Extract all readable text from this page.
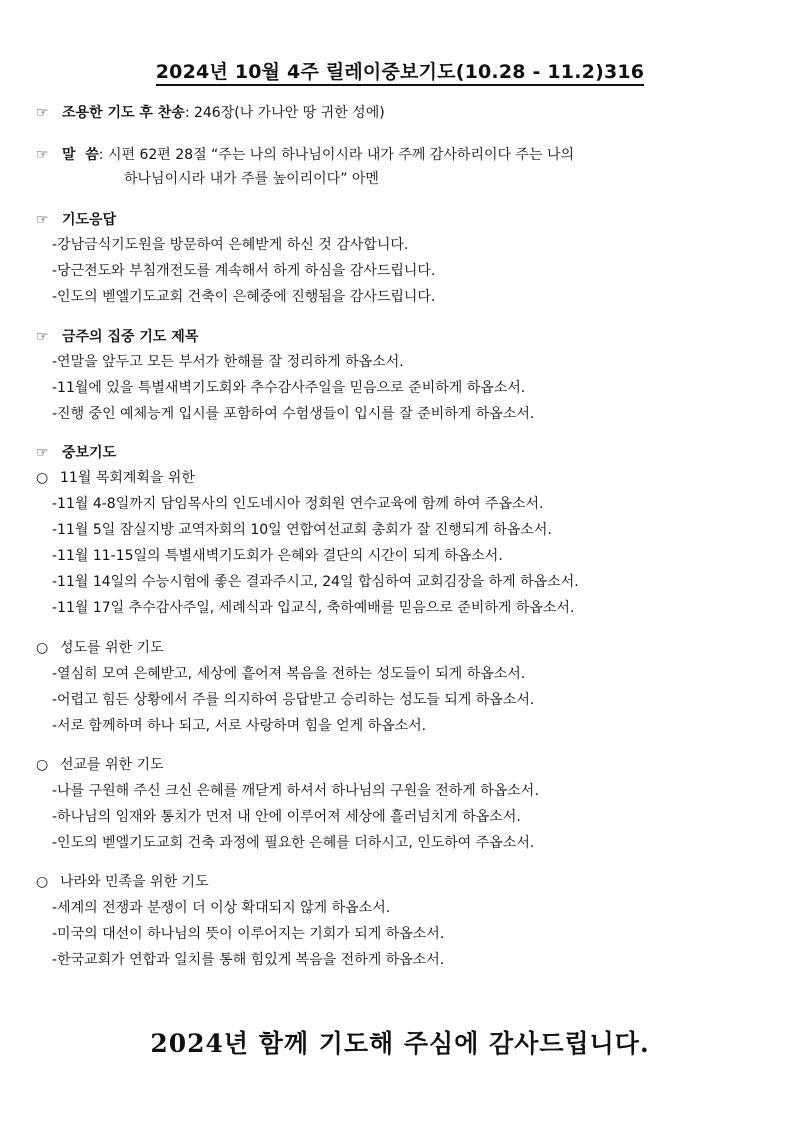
2024년 10월 4주 릴레이중보기도(10.28 - 11.2)316
☞ 조용한 기도 후 찬송: 246장(나 가나안 땅 귀한 성에)
☞ 말  씀: 시편 62편 28절 “주는 나의 하나님이시라 내가 주께 감사하리이다 주는 나의
하나님이시라 내가 주를 높이리이다” 아멘
☞ 기도응답
-강남금식기도원을 방문하여 은혜받게 하신 것 감사합니다.
-당근전도와 부침개전도를 계속해서 하게 하심을 감사드립니다.
-인도의 벧엘기도교회 건축이 은혜중에 진행됨을 감사드립니다.
☞ 금주의 집중 기도 제목
-연말을 앞두고 모든 부서가 한해를 잘 정리하게 하옵소서.
-11월에 있을 특별새벽기도회와 추수감사주일을 믿음으로 준비하게 하옵소서.
-진행 중인 예체능게 입시를 포함하여 수험생들이 입시를 잘 준비하게 하옵소서.
☞ 중보기도
○ 11월 목회계획을 위한
-11월 4-8일까지 담임목사의 인도네시아 정회원 연수교육에 함께 하여 주옵소서.
-11월 5일 잠실지방 교역자회의 10일 연합여선교회 총회가 잘 진행되게 하옵소서.
-11월 11-15일의 특별새벽기도회가 은혜와 결단의 시간이 되게 하옵소서.
-11월 14일의 수능시험에 좋은 결과주시고, 24일 합심하여 교회김장을 하게 하옵소서.
-11월 17일 추수감사주일, 세례식과 입교식, 축하예배를 믿음으로 준비하게 하옵소서.
○ 성도를 위한 기도
-열심히 모여 은혜받고, 세상에 흩어져 복음을 전하는 성도들이 되게 하옵소서.
-어렵고 힘든 상황에서 주를 의지하여 응답받고 승리하는 성도들 되게 하옵소서.
-서로 함께하며 하나 되고, 서로 사랑하며 힘을 얻게 하옵소서.
○ 선교를 위한 기도
-나를 구원해 주신 크신 은혜를 깨닫게 하셔서 하나님의 구원을 전하게 하옵소서.
-하나님의 임재와 통치가 먼저 내 안에 이루어져 세상에 흘러넘치게 하옵소서.
-인도의 벧엘기도교회 건축 과정에 필요한 은혜를 더하시고, 인도하여 주옵소서.
○ 나라와 민족을 위한 기도
-세계의 전쟁과 분쟁이 더 이상 확대되지 않게 하옵소서.
-미국의 대선이 하나님의 뜻이 이루어지는 기회가 되게 하옵소서.
-한국교회가 연합과 일치를 통해 힘있게 복음을 전하게 하옵소서.
2024년 함께 기도해 주심에 감사드립니다.
